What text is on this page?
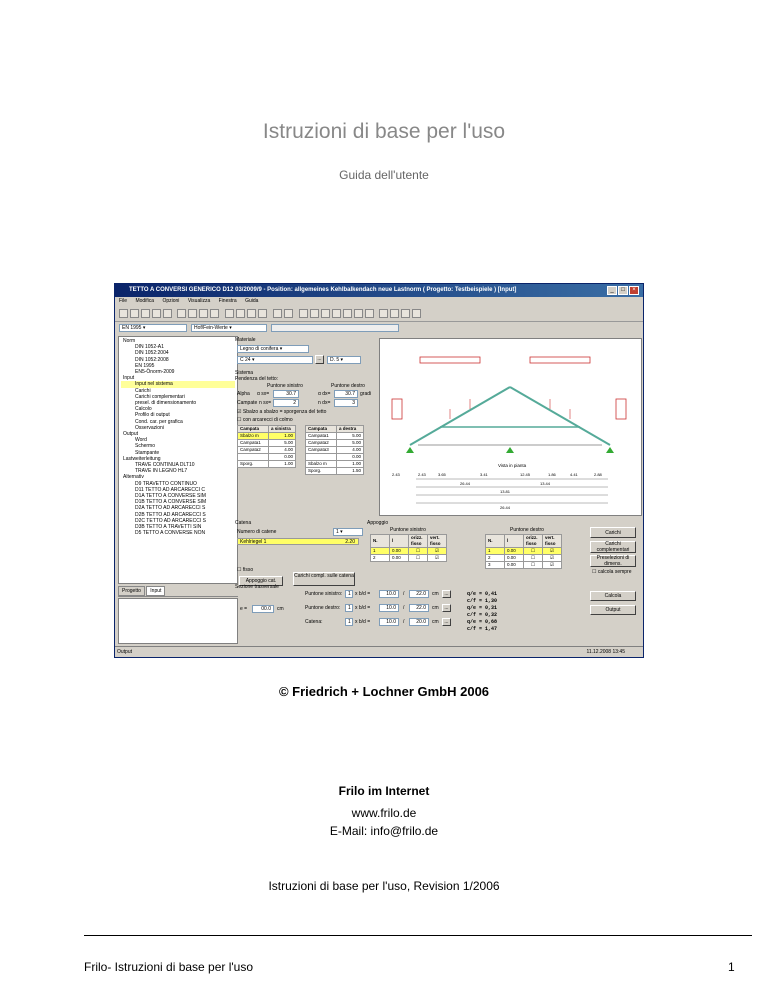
Istruzioni di base per l'uso
Guida dell'utente
TETTO A CONVERSI GENERICO D12 03/2009/9 - Position: allgemeines Kehlbalkendach neue Lastnorm ( Progetto: Testbeispiele ) [Input]	_	□	×
File Modifica Opzioni Visualizza Finestra Guida
EN 1995 ▾	Hof/Fein-Werte ▾
Norm
DIN 1052-A1
DIN 1052:2004
DIN 1052:2008
EN 1995
EN5-Önorm-2009
Input
Input nel sistema
Carichi
Carichi complementari
presel. di dimensionamento
Calcolo
Profilo di output
Cond. car. per grafica
Osservazioni
Output
Word
Schermo
Stampante
Lastweiterleitung
TRAVE CONTINUA DLT10
TRAVE IN LEGNO HL7
Alternativ
D9 TRAVETTO CONTINUO
D11 TETTO AD ARCARECCI C
D1A TETTO A CONVERSE SIM
D1B TETTO A CONVERSE SIM
D2A TETTO AD ARCARECCI S
D2B TETTO AD ARCARECCI S
D2C TETTO AD ARCARECCI S
D3B TETTO A TRAVETTI SIN
D5 TETTO A CONVERSE NON
Progetto Input
Materiale
Legno di conifera ▾
C 24 ▾	...	D. 5 ▾
Sistema
Pendenza del tetto:
Puntone sinistro	Puntone destro
Alpha α sx=	30.7	α dx=	30.7	gradi
Campate n sx=	2	n dx=	3
☑ Sbalzo a sbalzo = sporgenza del tetto
☐ con arcarecci di colmo
Campata	a sinistra
Sbalzo m	1.00
Campata1	5.00
Campata2	4.00
	0.00
Sporg.	1.00
Campata	a destra
Campata1	5.00
Campata2	5.00
Campata3	4.00
	0.00
Sbalzo m	1.00
Sporg.	1.50
Vista in pianta
2.43	3.65	3.41	12.45	1.86	4.41	2.88
26.44	13.44
13.81
2.43
26.44
Catena
Numero di catene	1 ▾
Kehlriegel 1	2.20
☐ fisso
Appoggio cat.
Carichi compl. sulle catena
Appoggio
Puntone sinistro	Puntone destro
N.	l	orizz. fisso	vert. fisso
1	0.00	☐	☑
2	0.00	☐	☑
N.	l	orizz. fisso	vert. fisso
1	0.00	☐	☑
2	0.00	☐	☑
3	0.00	☐	☑
Carichi
Carichi complementari
Preselezioni di dimens.
☐ calcola sempre
Calcola
Output
Sezione trasversale
e =	00.0	cm
Puntone sinistro:	1 x b/d =	10.0	22.0	cm	...
/
Puntone destro:	1 x b/d =	10.0	22.0	cm	...
/
Catena:	1 x b/d =	10.0	20.0	cm	...
/
q/e = 0,41
c/f = 1,30
q/e = 0,31
c/f = 0,32
q/e = 0,68
c/f = 1,47
Output	11.12.2008 13:45
© Friedrich + Lochner GmbH 2006
Frilo im Internet
www.frilo.de
E-Mail: info@frilo.de
Istruzioni di base per l'uso, Revision 1/2006
Frilo- Istruzioni di base per l'uso	1
